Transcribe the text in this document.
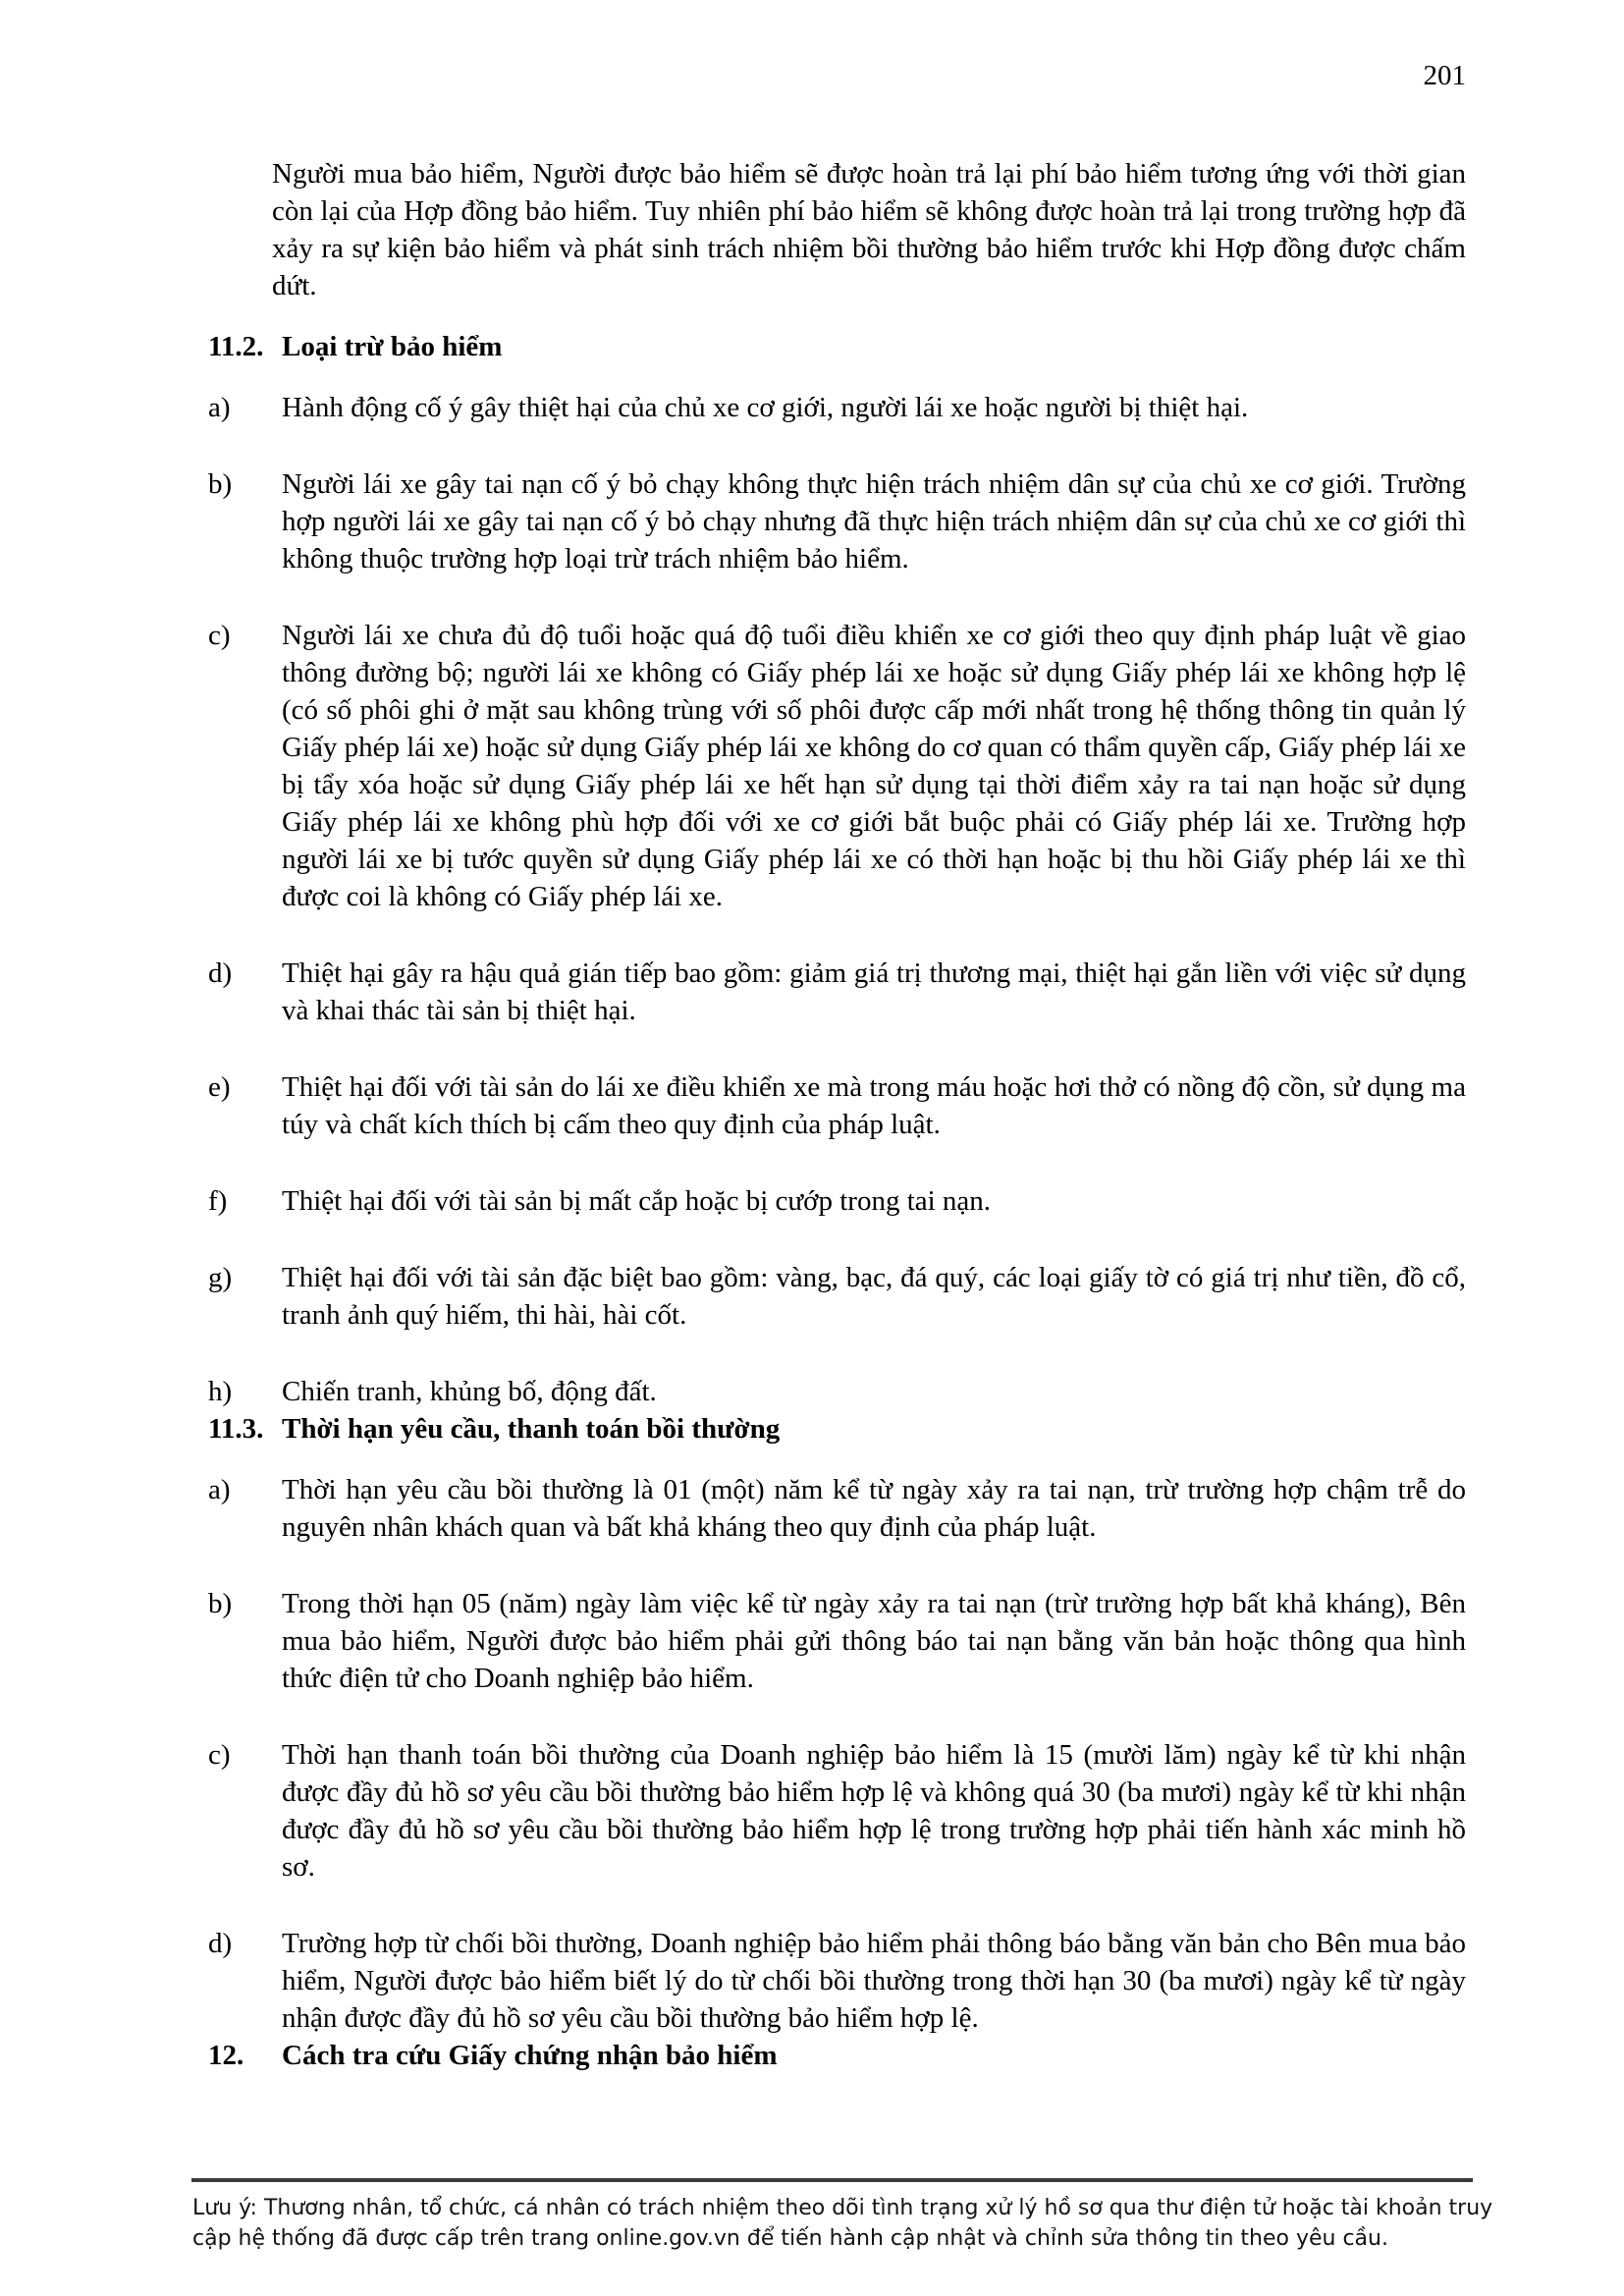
201
Người mua bảo hiểm, Người được bảo hiểm sẽ được hoàn trả lại phí bảo hiểm tương ứng với thời gian còn lại của Hợp đồng bảo hiểm. Tuy nhiên phí bảo hiểm sẽ không được hoàn trả lại trong trường hợp đã xảy ra sự kiện bảo hiểm và phát sinh trách nhiệm bồi thường bảo hiểm trước khi Hợp đồng được chấm dứt.
11.2. Loại trừ bảo hiểm
a)	Hành động cố ý gây thiệt hại của chủ xe cơ giới, người lái xe hoặc người bị thiệt hại.
b)	Người lái xe gây tai nạn cố ý bỏ chạy không thực hiện trách nhiệm dân sự của chủ xe cơ giới. Trường hợp người lái xe gây tai nạn cố ý bỏ chạy nhưng đã thực hiện trách nhiệm dân sự của chủ xe cơ giới thì không thuộc trường hợp loại trừ trách nhiệm bảo hiểm.
c)	Người lái xe chưa đủ độ tuổi hoặc quá độ tuổi điều khiển xe cơ giới theo quy định pháp luật về giao thông đường bộ; người lái xe không có Giấy phép lái xe hoặc sử dụng Giấy phép lái xe không hợp lệ (có số phôi ghi ở mặt sau không trùng với số phôi được cấp mới nhất trong hệ thống thông tin quản lý Giấy phép lái xe) hoặc sử dụng Giấy phép lái xe không do cơ quan có thẩm quyền cấp, Giấy phép lái xe bị tẩy xóa hoặc sử dụng Giấy phép lái xe hết hạn sử dụng tại thời điểm xảy ra tai nạn hoặc sử dụng Giấy phép lái xe không phù hợp đối với xe cơ giới bắt buộc phải có Giấy phép lái xe. Trường hợp người lái xe bị tước quyền sử dụng Giấy phép lái xe có thời hạn hoặc bị thu hồi Giấy phép lái xe thì được coi là không có Giấy phép lái xe.
d)	Thiệt hại gây ra hậu quả gián tiếp bao gồm: giảm giá trị thương mại, thiệt hại gắn liền với việc sử dụng và khai thác tài sản bị thiệt hại.
e)	Thiệt hại đối với tài sản do lái xe điều khiển xe mà trong máu hoặc hơi thở có nồng độ cồn, sử dụng ma túy và chất kích thích bị cấm theo quy định của pháp luật.
f)	Thiệt hại đối với tài sản bị mất cắp hoặc bị cướp trong tai nạn.
g)	Thiệt hại đối với tài sản đặc biệt bao gồm: vàng, bạc, đá quý, các loại giấy tờ có giá trị như tiền, đồ cổ, tranh ảnh quý hiếm, thi hài, hài cốt.
h)	Chiến tranh, khủng bố, động đất.
11.3. Thời hạn yêu cầu, thanh toán bồi thường
a)	Thời hạn yêu cầu bồi thường là 01 (một) năm kể từ ngày xảy ra tai nạn, trừ trường hợp chậm trễ do nguyên nhân khách quan và bất khả kháng theo quy định của pháp luật.
b)	Trong thời hạn 05 (năm) ngày làm việc kể từ ngày xảy ra tai nạn (trừ trường hợp bất khả kháng), Bên mua bảo hiểm, Người được bảo hiểm phải gửi thông báo tai nạn bằng văn bản hoặc thông qua hình thức điện tử cho Doanh nghiệp bảo hiểm.
c)	Thời hạn thanh toán bồi thường của Doanh nghiệp bảo hiểm là 15 (mười lăm) ngày kể từ khi nhận được đầy đủ hồ sơ yêu cầu bồi thường bảo hiểm hợp lệ và không quá 30 (ba mươi) ngày kể từ khi nhận được đầy đủ hồ sơ yêu cầu bồi thường bảo hiểm hợp lệ trong trường hợp phải tiến hành xác minh hồ sơ.
d)	Trường hợp từ chối bồi thường, Doanh nghiệp bảo hiểm phải thông báo bằng văn bản cho Bên mua bảo hiểm, Người được bảo hiểm biết lý do từ chối bồi thường trong thời hạn 30 (ba mươi) ngày kể từ ngày nhận được đầy đủ hồ sơ yêu cầu bồi thường bảo hiểm hợp lệ.
12.	Cách tra cứu Giấy chứng nhận bảo hiểm
Lưu ý: Thương nhân, tổ chức, cá nhân có trách nhiệm theo dõi tình trạng xử lý hồ sơ qua thư điện tử hoặc tài khoản truy
cập hệ thống đã được cấp trên trang online.gov.vn để tiến hành cập nhật và chỉnh sửa thông tin theo yêu cầu.
